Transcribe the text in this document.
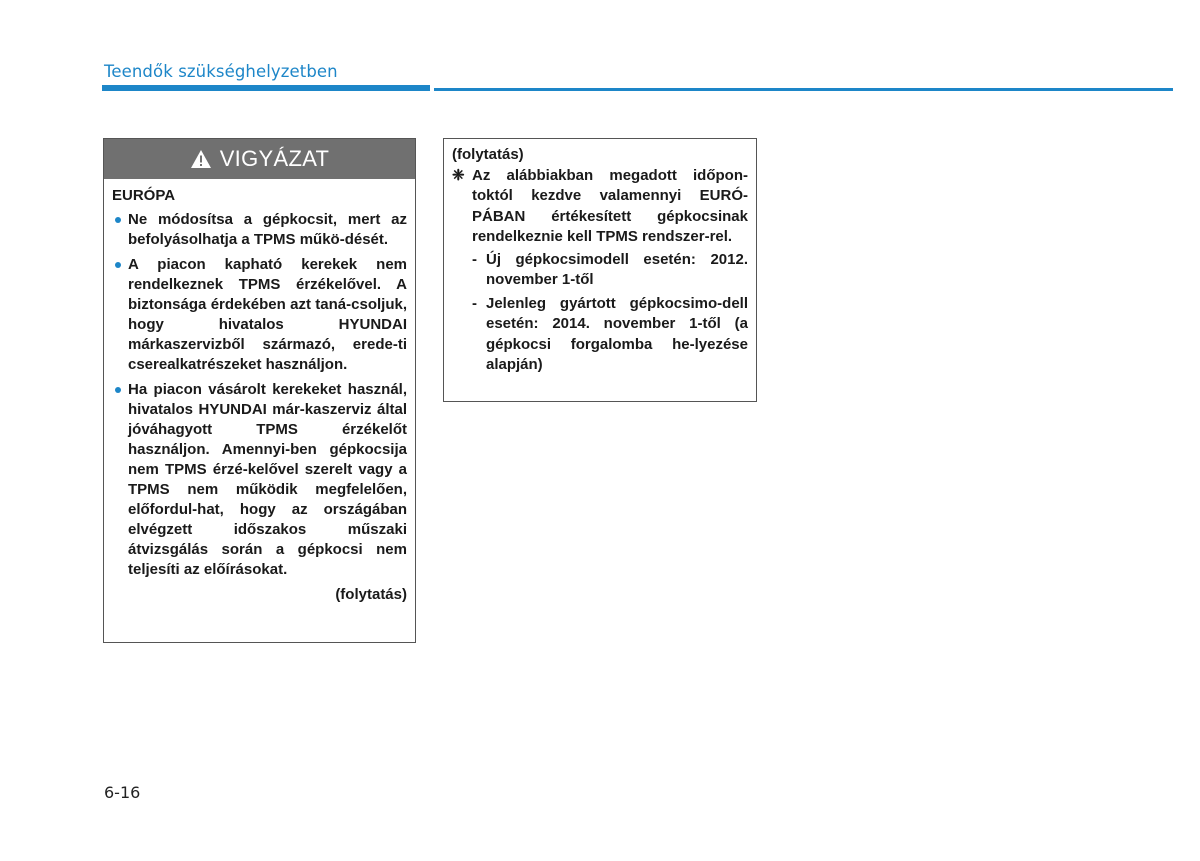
Teendők szükséghelyzetben
VIGYÁZAT
EURÓPA
Ne módosítsa a gépkocsit, mert az befolyásolhatja a TPMS műkö-dését.
A piacon kapható kerekek nem rendelkeznek TPMS érzékelővel. A biztonsága érdekében azt taná-csoljuk, hogy hivatalos HYUNDAI márkaszervizből származó, erede-ti cserealkatrészeket használjon.
Ha piacon vásárolt kerekeket használ, hivatalos HYUNDAI már-kaszerviz által jóváhagyott TPMS érzékelőt használjon. Amennyi-ben gépkocsija nem TPMS érzé-kelővel szerelt vagy a TPMS nem működik megfelelően, előfordul-hat, hogy az országában elvégzett időszakos műszaki átvizsgálás során a gépkocsi nem teljesíti az előírásokat.
(folytatás)
(folytatás)
❈ Az alábbiakban megadott időpon-toktól kezdve valamennyi EURÓ-PÁBAN értékesített gépkocsinak rendelkeznie kell TPMS rendszer-rel.
- Új gépkocsimodell esetén: 2012. november 1-től
- Jelenleg gyártott gépkocsimo-dell esetén: 2014. november 1-től (a gépkocsi forgalomba he-lyezése alapján)
6-16
